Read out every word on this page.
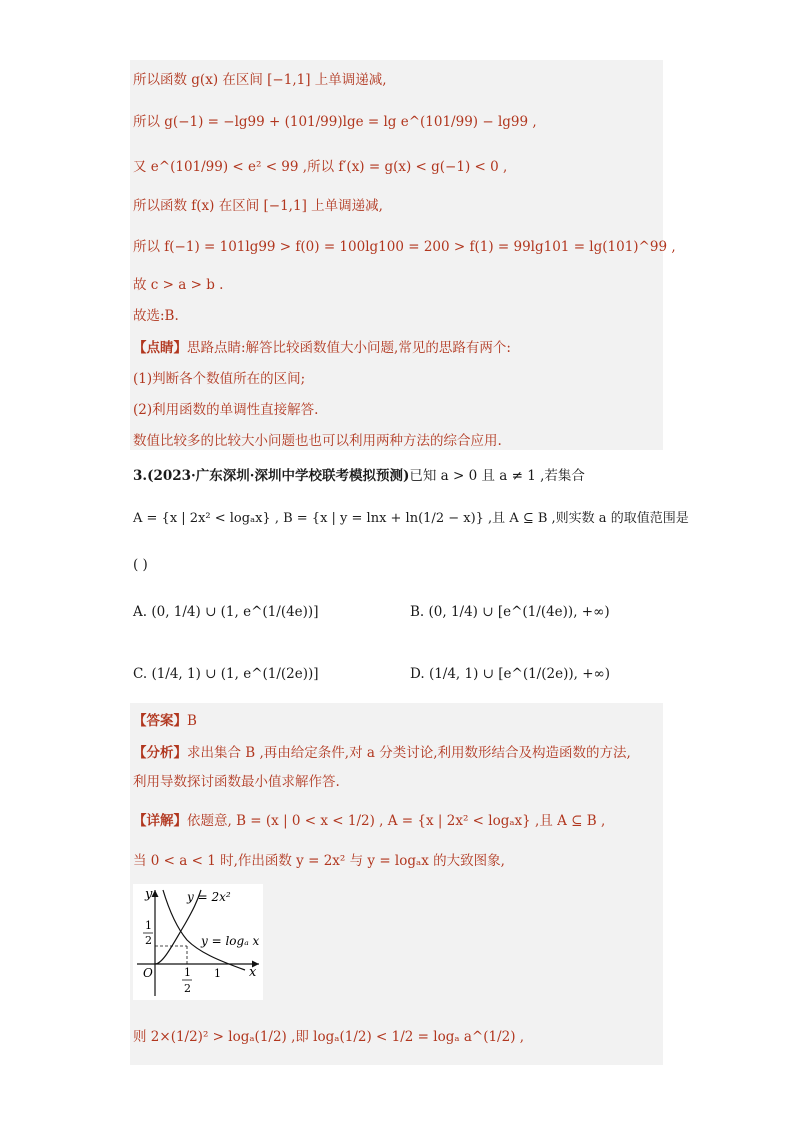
所以函数 g(x) 在区间 [−1,1] 上单调递减,
所以 g(−1) = −lg99 + (101/99)lge = lg e^(101/99) − lg99 ,
又 e^(101/99) < e² < 99 ,所以 f′(x) = g(x) < g(−1) < 0 ,
所以函数 f(x) 在区间 [−1,1] 上单调递减,
所以 f(−1) = 101lg99 > f(0) = 100lg100 = 200 > f(1) = 99lg101 = lg(101)^99 ,
故 c > a > b .
故选:B.
【点睛】思路点睛:解答比较函数值大小问题,常见的思路有两个:
(1)判断各个数值所在的区间;
(2)利用函数的单调性直接解答.
数值比较多的比较大小问题也也可以利用两种方法的综合应用.
3.(2023·广东深圳·深圳中学校联考模拟预测)已知 a > 0 且 a ≠ 1 ,若集合
A = {x | 2x² < logₐx} , B = {x | y = lnx + ln(1/2 − x)} ,且 A ⊆ B ,则实数 a 的取值范围是
( )
A. (0, 1/4) ∪ (1, e^(1/(4e))]	B. (0, 1/4) ∪ [e^(1/(4e)), +∞)
C. (1/4, 1) ∪ (1, e^(1/(2e))]	D. (1/4, 1) ∪ [e^(1/(2e)), +∞)
【答案】B
【分析】求出集合 B ,再由给定条件,对 a 分类讨论,利用数形结合及构造函数的方法,
利用导数探讨函数最小值求解作答.
【详解】依题意, B = (x | 0 < x < 1/2) , A = {x | 2x² < logₐx} ,且 A ⊆ B ,
当 0 < a < 1 时,作出函数 y = 2x² 与 y = logₐx 的大致图象,
y
x
O
y = 2x²
y = logₐ x
1
2
1
2
1
则 2×(1/2)² > logₐ(1/2) ,即 logₐ(1/2) < 1/2 = logₐ a^(1/2) ,
